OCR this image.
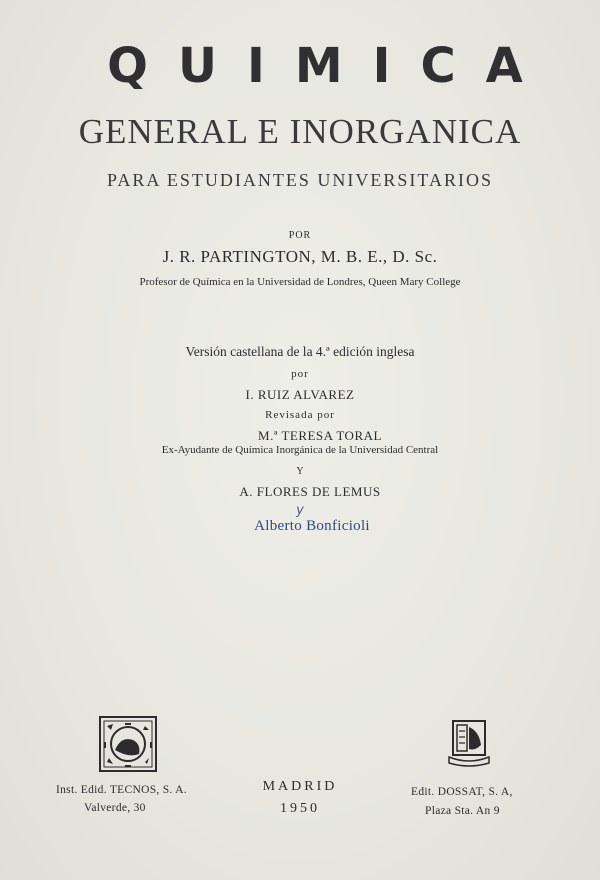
QUIMICA
GENERAL E INORGANICA
PARA ESTUDIANTES UNIVERSITARIOS
POR
J. R. PARTINGTON, M. B. E., D. Sc.
Profesor de Química en la Universidad de Londres, Queen Mary College
Versión castellana de la 4.ª edición inglesa
por
I. RUIZ ALVAREZ
Revisada por
M.ª TERESA TORAL
Ex-Ayudante de Química Inorgánica de la Universidad Central
Y
A. FLORES DE LEMUS
y
Alberto Bonficioli
Inst. Edid. TECNOS, S. A.
Valverde, 30
MADRID
1950
Edit. DOSSAT, S. A,
Plaza Sta. An 9
